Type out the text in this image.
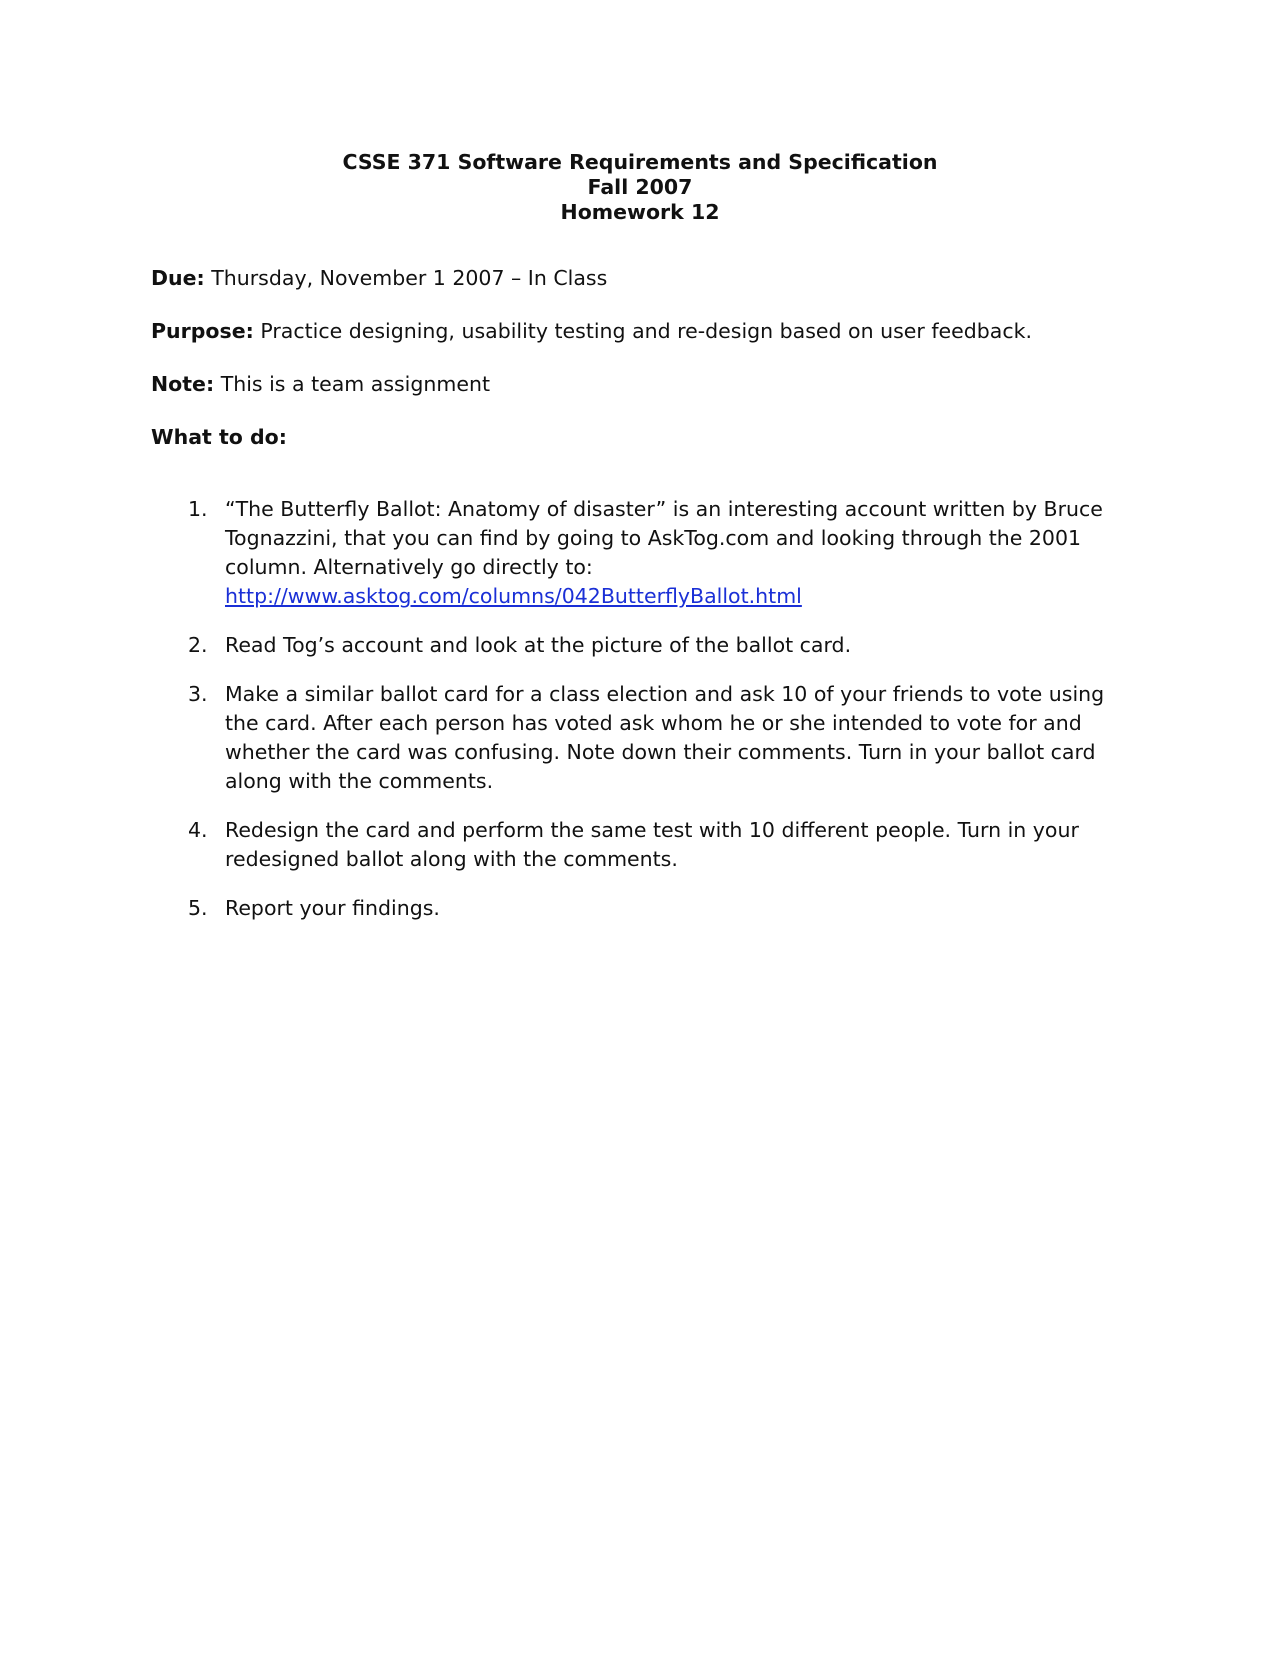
CSSE 371 Software Requirements and Specification
Fall 2007
Homework 12
Due: Thursday, November 1 2007 – In Class
Purpose: Practice designing, usability testing and re-design based on user feedback.
Note: This is a team assignment
What to do:
1. “The Butterfly Ballot: Anatomy of disaster” is an interesting account written by Bruce Tognazzini, that you can find by going to AskTog.com and looking through the 2001 column. Alternatively go directly to:
http://www.asktog.com/columns/042ButterflyBallot.html
2. Read Tog’s account and look at the picture of the ballot card.
3. Make a similar ballot card for a class election and ask 10 of your friends to vote using the card. After each person has voted ask whom he or she intended to vote for and whether the card was confusing. Note down their comments. Turn in your ballot card along with the comments.
4. Redesign the card and perform the same test with 10 different people. Turn in your redesigned ballot along with the comments.
5. Report your findings.
